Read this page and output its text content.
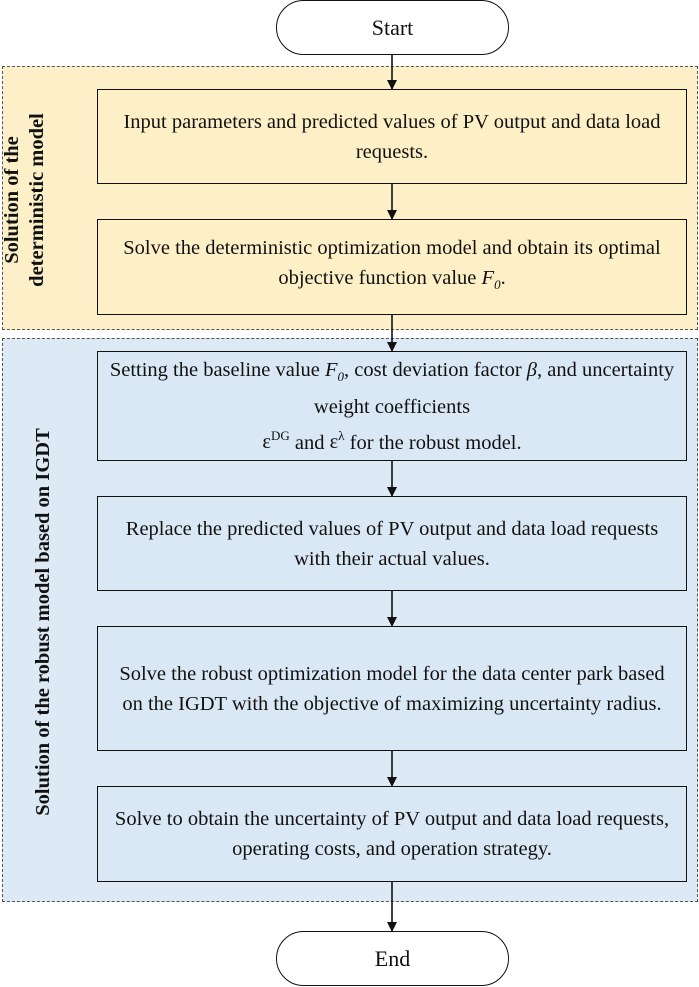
Solution of the deterministic model
Solution of the robust model based on IGDT
Start
End
Input parameters and predicted values of PV output and data load requests.
Solve the deterministic optimization model and obtain its optimal objective function value $F_0$.
Setting the baseline value $F_0$, cost deviation factor β, and uncertainty weight coefficients
$\varepsilon^{DG}$ and $\varepsilon^\lambda$ for the robust model.
Replace the predicted values of PV output and data load requests with their actual values.
Solve the robust optimization model for the data center park based on the IGDT with the objective of maximizing uncertainty radius.
Solve to obtain the uncertainty of PV output and data load requests, operating costs, and operation strategy.
